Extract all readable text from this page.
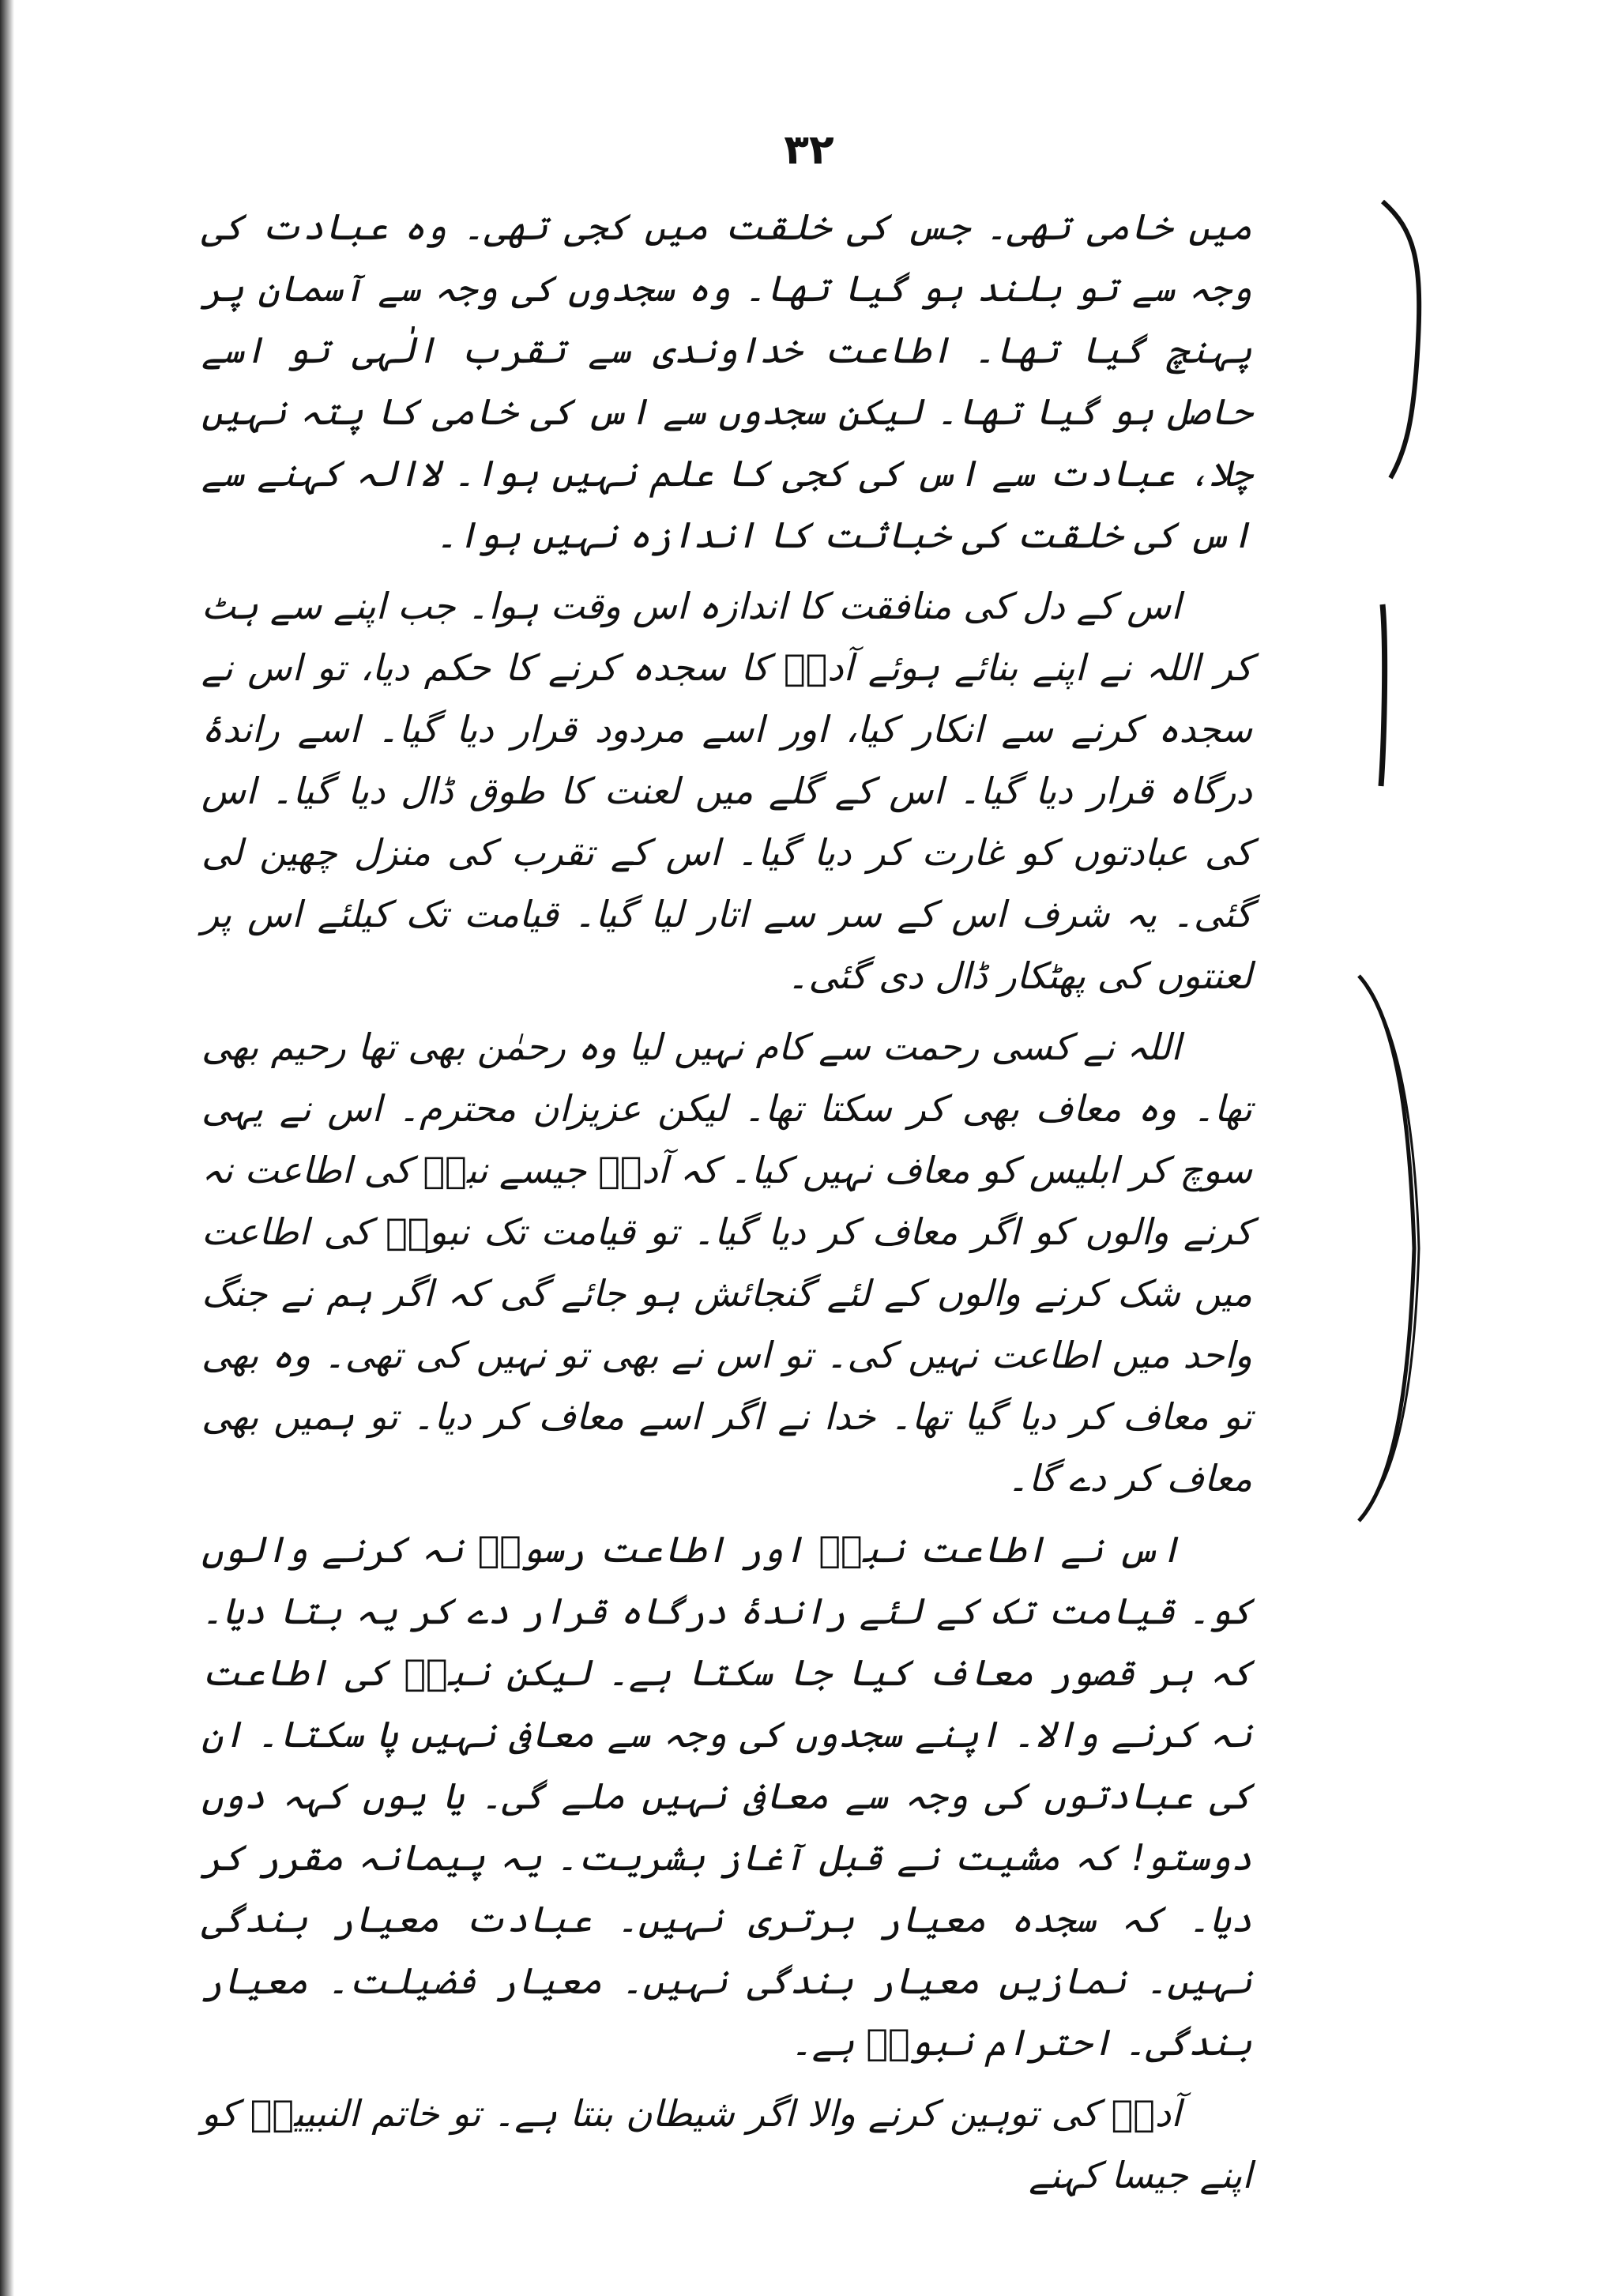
۳۲

میں خامی تھی۔ جس کی خلقت میں کجی تھی۔ وہ عبادت کی وجہ سے تو بلند ہو گیا تھا۔ وہ سجدوں کی وجہ سے آسمان پر پہنچ گیا تھا۔ اطاعت خداوندی سے تقرب الٰہی تو اسے حاصل ہو گیا تھا۔ لیکن سجدوں سے اس کی خامی کا پتہ نہیں چلا، عبادت سے اس کی کجی کا علم نہیں ہوا۔ لاالہ کہنے سے اس کی خلقت کی خباثت کا اندازہ نہیں ہوا۔

اس کے دل کی منافقت کا اندازہ اس وقت ہوا۔ جب اپنے سے ہٹ کر اللہ نے اپنے بنائے ہوئے آدمؑ کا سجدہ کرنے کا حکم دیا، تو اس نے سجدہ کرنے سے انکار کیا، اور اسے مردود قرار دیا گیا۔ اسے راندۂ درگاہ قرار دیا گیا۔ اس کے گلے میں لعنت کا طوق ڈال دیا گیا۔ اس کی عبادتوں کو غارت کر دیا گیا۔ اس کے تقرب کی منزل چھین لی گئی۔ یہ شرف اس کے سر سے اتار لیا گیا۔ قیامت تک کیلئے اس پر لعنتوں کی پھٹکار ڈال دی گئی۔

اللہ نے کسی رحمت سے کام نہیں لیا وہ رحمٰن بھی تھا رحیم بھی تھا۔ وہ معاف بھی کر سکتا تھا۔ لیکن عزیزان محترم۔ اس نے یہی سوچ کر ابلیس کو معاف نہیں کیا۔ کہ آدمؑ جیسے نبیؑ کی اطاعت نہ کرنے والوں کو اگر معاف کر دیا گیا۔ تو قیامت تک نبوتؐ کی اطاعت میں شک کرنے والوں کے لئے گنجائش ہو جائے گی کہ اگر ہم نے جنگ واحد میں اطاعت نہیں کی۔ تو اس نے بھی تو نہیں کی تھی۔ وہ بھی تو معاف کر دیا گیا تھا۔ خدا نے اگر اسے معاف کر دیا۔ تو ہمیں بھی معاف کر دے گا۔

اس نے اطاعت نبیؐ اور اطاعت رسولؐ نہ کرنے والوں کو۔ قیامت تک کے لئے راندۂ درگاہ قرار دے کر یہ بتا دیا۔ کہ ہر قصور معاف کیا جا سکتا ہے۔ لیکن نبیؐ کی اطاعت نہ کرنے والا۔ اپنے سجدوں کی وجہ سے معافی نہیں پا سکتا۔ ان کی عبادتوں کی وجہ سے معافی نہیں ملے گی۔ یا یوں کہہ دوں دوستو! کہ مشیت نے قبل آغاز بشریت۔ یہ پیمانہ مقرر کر دیا۔ کہ سجدہ معیار برتری نہیں۔ عبادت معیار بندگی نہیں۔ نمازیں معیار بندگی نہیں۔ معیار فضیلت۔ معیار بندگی۔ احترام نبوتؐ ہے۔

آدمؑ کی توہین کرنے والا اگر شیطان بنتا ہے۔ تو خاتم النبیینؐ کو اپنے جیسا کہنے
